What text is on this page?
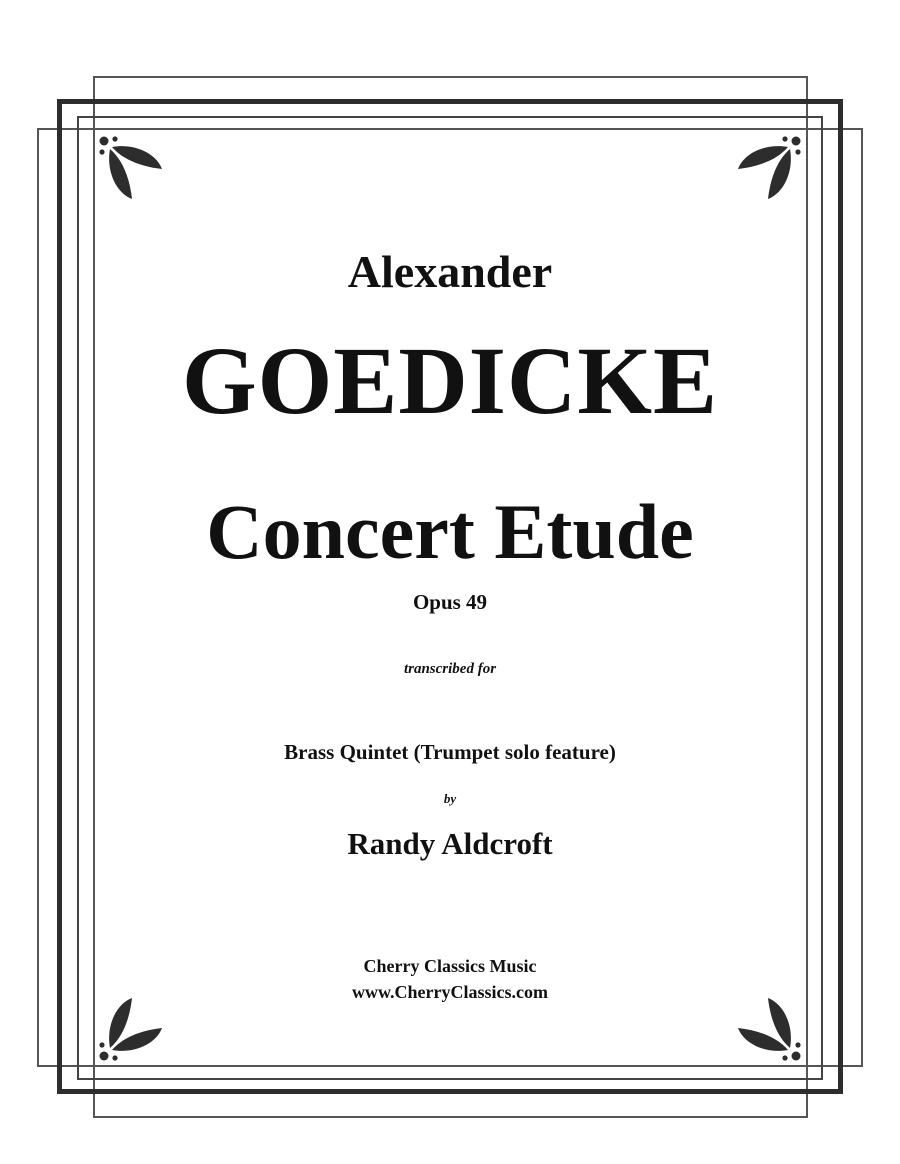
Alexander
GOEDICKE
Concert Etude
Opus 49
transcribed for
Brass Quintet (Trumpet solo feature)
by
Randy Aldcroft
Cherry Classics Music
www.CherryClassics.com
